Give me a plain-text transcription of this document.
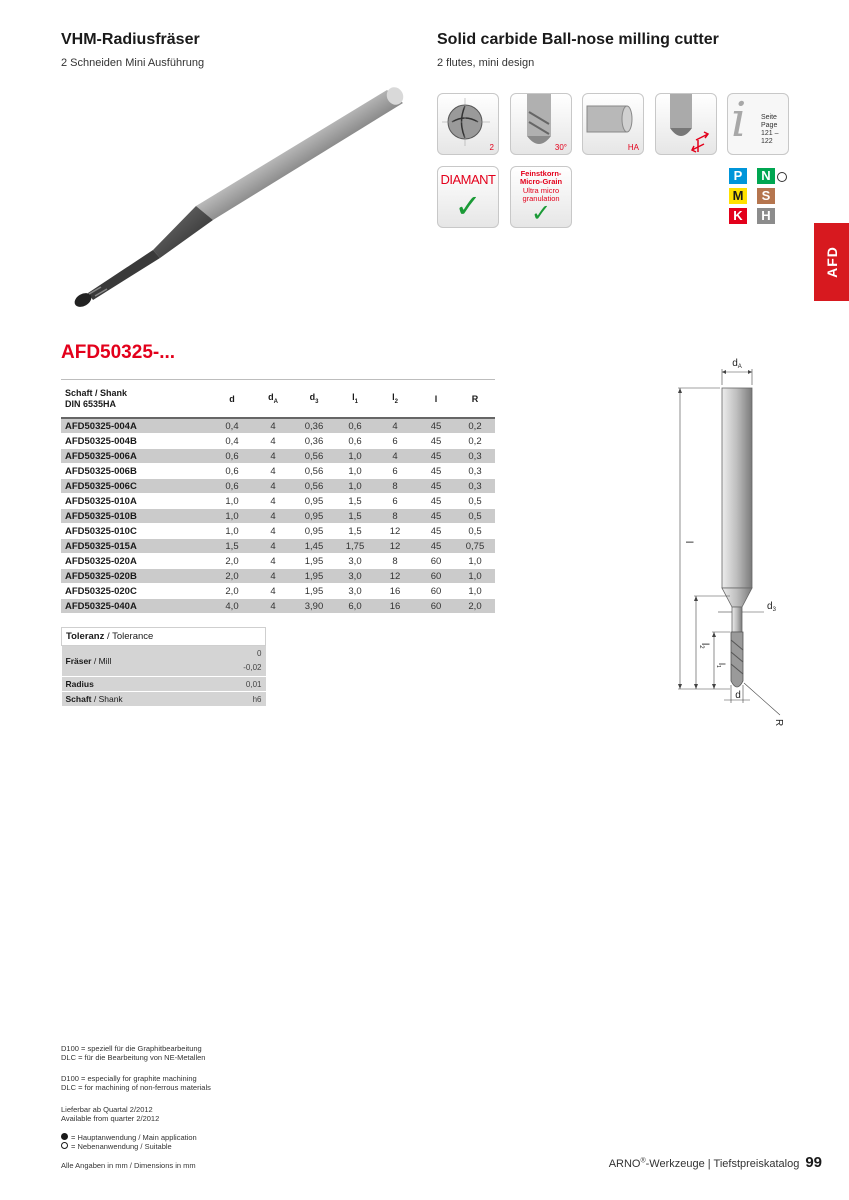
VHM-Radiusfräser
2 Schneiden Mini Ausführung
Solid carbide Ball-nose milling cutter
2 flutes, mini design
2	30°	HA i Seite Page
121 – 122
DIAMANT
✓
Feinstkorn-
Micro-Grain
Ultra micro
granulation
✓
P	N
M	S
K	H
AFD
AFD50325-...
Schaft / Shank
DIN 6535HA	d	$d_A$	$d_3$	$l_1$	$l_2$	l	R
AFD50325-004A	0,4	4	0,36	0,6	4	45	0,2
AFD50325-004B	0,4	4	0,36	0,6	6	45	0,2
AFD50325-006A	0,6	4	0,56	1,0	4	45	0,3
AFD50325-006B	0,6	4	0,56	1,0	6	45	0,3
AFD50325-006C	0,6	4	0,56	1,0	8	45	0,3
AFD50325-010A	1,0	4	0,95	1,5	6	45	0,5
AFD50325-010B	1,0	4	0,95	1,5	8	45	0,5
AFD50325-010C	1,0	4	0,95	1,5	12	45	0,5
AFD50325-015A	1,5	4	1,45	1,75	12	45	0,75
AFD50325-020A	2,0	4	1,95	3,0	8	60	1,0
AFD50325-020B	2,0	4	1,95	3,0	12	60	1,0
AFD50325-020C	2,0	4	1,95	3,0	16	60	1,0
AFD50325-040A	4,0	4	3,90	6,0	16	60	2,0
Toleranz / Tolerance	
Fräser / Mill	0
-0,02

Radius	0,01
Schaft / Shank	h6
$d_A$
$d_3$
l
$l_2$
$l_1$
d
R
D100 = speziell für die Graphitbearbeitung
DLC = für die Bearbeitung von NE-Metallen
D100 = especially for graphite machining
DLC = for machining of non-ferrous materials
Lieferbar ab Quartal 2/2012
Available from quarter 2/2012
= Hauptanwendung / Main application
= Nebenanwendung / Suitable
Alle Angaben in mm / Dimensions in mm	ARNO®-Werkzeuge | Tiefstpreiskatalog 99
